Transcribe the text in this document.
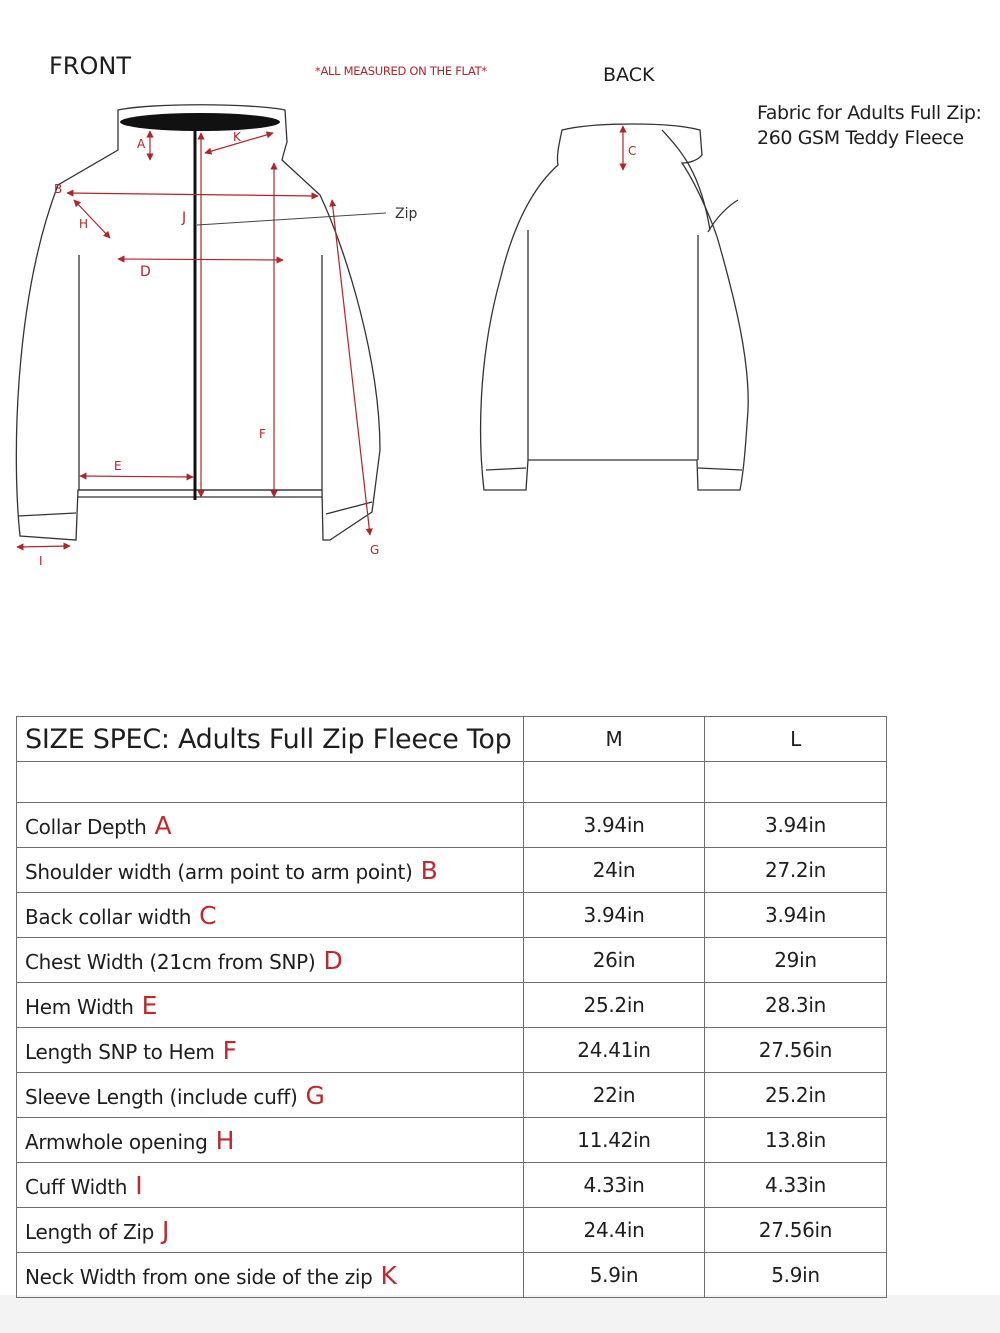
FRONT	*ALL MEASURED ON THE FLAT*	BACK
Fabric for Adults Full Zip:
260 GSM Teddy Fleece
A	K
B
H	J
D
F
E
G
I
Zip
C
SIZE SPEC: Adults Full Zip Fleece Top	M	L

Collar Depth A	3.94in	3.94in
Shoulder width (arm point to arm point) B	24in	27.2in
Back collar width C	3.94in	3.94in
Chest Width (21cm from SNP) D	26in	29in
Hem Width E	25.2in	28.3in
Length SNP to Hem F	24.41in	27.56in
Sleeve Length (include cuff) G	22in	25.2in
Armwhole opening H	11.42in	13.8in
Cuff Width I	4.33in	4.33in
Length of Zip J	24.4in	27.56in
Neck Width from one side of the zip K	5.9in	5.9in
